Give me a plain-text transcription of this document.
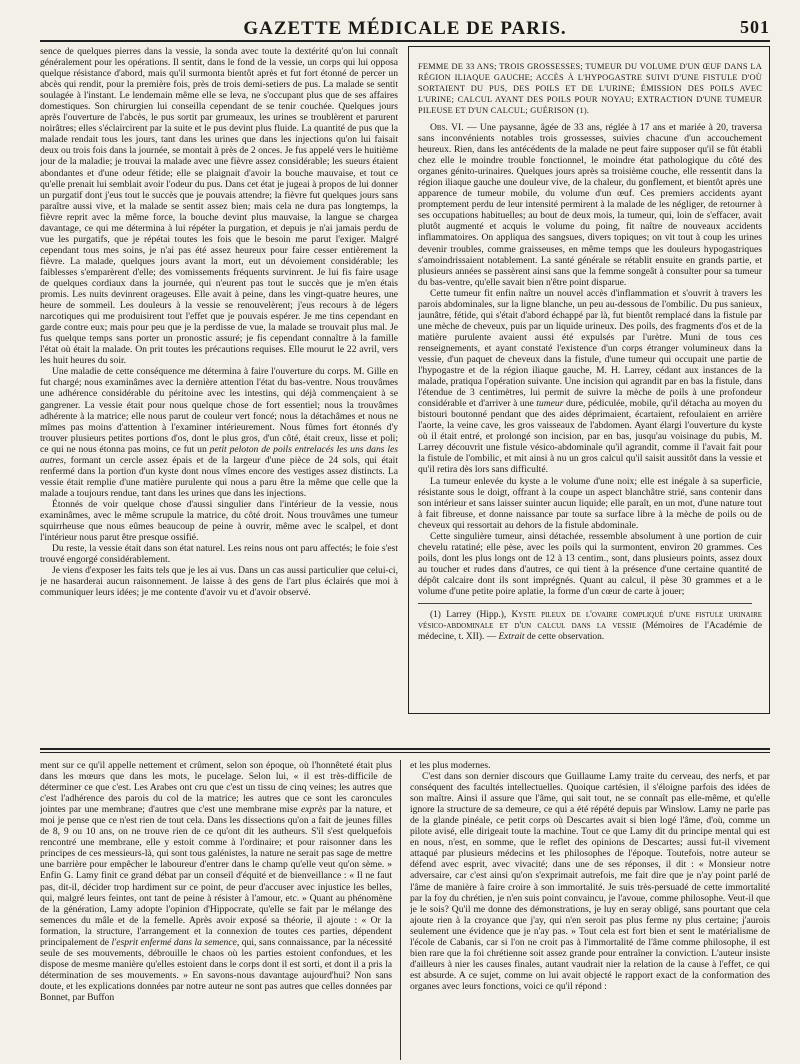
GAZETTE MÉDICALE DE PARIS.	501

sence de quelques pierres dans la vessie, la sonda avec toute la dextérité qu'on lui connaît généralement pour les opérations. Il sentit, dans le fond de la vessie, un corps qui lui opposa quelque résistance d'abord, mais qu'il surmonta bientôt après et fut fort étonné de percer un abcès qui rendit, pour la première fois, près de trois demi-setiers de pus. La malade se sentit soulagée à l'instant. Le lendemain même elle se leva, ne s'occupant plus que de ses affaires domestiques. Son chirurgien lui conseilla cependant de se tenir couchée. Quelques jours après l'ouverture de l'abcès, le pus sortit par grumeaux, les urines se troublèrent et parurent noirâtres; elles s'éclaircirent par la suite et le pus devint plus fluide. La quantité de pus que la malade rendait tous les jours, tant dans les urines que dans les injections qu'on lui faisait deux ou trois fois dans la journée, se montait à près de 2 onces. Je fus appelé vers le huitième jour de la maladie; je trouvai la malade avec une fièvre assez considérable; les sueurs étaient abondantes et d'une odeur fétide; elle se plaignait d'avoir la bouche mauvaise, et tout ce qu'elle prenait lui semblait avoir l'odeur du pus. Dans cet état je jugeai à propos de lui donner un purgatif dont j'eus tout le succès que je pouvais attendre; la fièvre fut quelques jours sans paraître aussi vive, et la malade se sentit assez bien; mais cela ne dura pas longtemps, la fièvre reprit avec la même force, la bouche devint plus mauvaise, la langue se chargea davantage, ce qui me détermina à lui répéter la purgation, et depuis je n'ai jamais perdu de vue les purgatifs, que je répétai toutes les fois que le besoin me parut l'exiger. Malgré cependant tous mes soins, je n'ai pas été assez heureux pour faire cesser entièrement la fièvre. La malade, quelques jours avant la mort, eut un dévoiement considérable; les faiblesses s'emparèrent d'elle; des vomissements fréquents survinrent. Je lui fis faire usage de quelques cordiaux dans la journée, qui n'eurent pas tout le succès que je m'en étais promis. Les nuits devinrent orageuses. Elle avait à peine, dans les vingt-quatre heures, une heure de sommeil. Les douleurs à la vessie se renouvelèrent; j'eus recours à de légers narcotiques qui me produisirent tout l'effet que je pouvais espérer. Je me tins cependant en garde contre eux; mais pour peu que je la perdisse de vue, la malade se trouvait plus mal. Je fus quelque temps sans porter un pronostic assuré; je fis cependant connaître à la famille l'état où était la malade. On prit toutes les précautions requises. Elle mourut le 22 avril, vers les huit heures du soir.

Une maladie de cette conséquence me détermina à faire l'ouverture du corps. M. Gille en fut chargé; nous examinâmes avec la dernière attention l'état du bas-ventre. Nous trouvâmes une adhérence considérable du péritoine avec les intestins, qui déjà commençaient à se gangrener. La vessie était pour nous quelque chose de fort essentiel; nous la trouvâmes adhérente à la matrice; elle nous parut de couleur vert foncé; nous la détachâmes et nous ne mîmes pas moins d'attention à l'examiner intérieurement. Nous fûmes fort étonnés d'y trouver plusieurs petites portions d'os, dont le plus gros, d'un côté, était creux, lisse et poli; ce qui ne nous étonna pas moins, ce fut un petit peloton de poils entrelacés les uns dans les autres, formant un cercle assez épais et de la largeur d'une pièce de 24 sols, qui était renfermé dans la portion d'un kyste dont nous vîmes encore des vestiges assez distincts. La vessie était remplie d'une matière purulente qui nous a paru être la même que celle que la malade a toujours rendue, tant dans les urines que dans les injections.

Étonnés de voir quelque chose d'aussi singulier dans l'intérieur de la vessie, nous examinâmes, avec le même scrupule la matrice, du côté droit. Nous trouvâmes une tumeur squirrheuse que nous eûmes beaucoup de peine à ouvrir, même avec le scalpel, et dont l'intérieur nous parut être presque ossifié.

Du reste, la vessie était dans son état naturel. Les reins nous ont paru affectés; le foie s'est trouvé engorgé considérablement.

Je viens d'exposer les faits tels que je les ai vus. Dans un cas aussi particulier que celui-ci, je ne hasarderai aucun raisonnement. Je laisse à des gens de l'art plus éclairés que moi à communiquer leurs idées; je me contente d'avoir vu et d'avoir observé.

FEMME DE 33 ANS; TROIS GROSSESSES; TUMEUR DU VOLUME D'UN ŒUF DANS LA RÉGION ILIAQUE GAUCHE; ACCÈS À L'HYPOGASTRE SUIVI D'UNE FISTULE D'OÙ SORTAIENT DU PUS, DES POILS ET DE L'URINE; ÉMISSION DES POILS AVEC L'URINE; CALCUL AYANT DES POILS POUR NOYAU; EXTRACTION D'UNE TUMEUR PILEUSE ET D'UN CALCUL; GUÉRISON (1).

Obs. VI. — Une paysanne, âgée de 33 ans, réglée à 17 ans et mariée à 20, traversa sans inconvénients notables trois grossesses, suivies chacune d'un accouchement heureux. Rien, dans les antécédents de la malade ne peut faire supposer qu'il se fût établi chez elle le moindre trouble fonctionnel, le moindre état pathologique du côté des organes génito-urinaires. Quelques jours après sa troisième couche, elle ressentit dans la région iliaque gauche une douleur vive, de la chaleur, du gonflement, et bientôt après une apparence de tumeur mobile, du volume d'un œuf. Ces premiers accidents ayant promptement perdu de leur intensité permirent à la malade de les négliger, de retourner à ses occupations habituelles; au bout de deux mois, la tumeur, qui, loin de s'effacer, avait plutôt augmenté et acquis le volume du poing, fit naître de nouveaux accidents inflammatoires. On appliqua des sangsues, divers topiques; on vit tout à coup les urines devenir troubles, comme graisseuses, en même temps que les douleurs hypogastriques s'amoindrissaient notablement. La santé générale se rétablit ensuite en grands partie, et plusieurs années se passèrent ainsi sans que la femme songeât à consulter pour sa tumeur du bas-ventre, qu'elle savait bien n'être point disparue.

Cette tumeur fit enfin naître un nouvel accès d'inflammation et s'ouvrit à travers les parois abdominales, sur la ligne blanche, un peu au-dessous de l'ombilic. Du pus sanieux, jaunâtre, fétide, qui s'était d'abord échappé par là, fut bientôt remplacé dans la fistule par une mèche de cheveux, puis par un liquide urineux. Des poils, des fragments d'os et de la matière purulente avaient aussi été expulsés par l'urètre. Muni de tous ces renseignements, et ayant constaté l'existence d'un corps étranger volumineux dans la vessie, d'un paquet de cheveux dans la fistule, d'une tumeur qui occupait une partie de l'hypogastre et de la région iliaque gauche, M. H. Larrey, cédant aux instances de la malade, pratiqua l'opération suivante. Une incision qui agrandit par en bas la fistule, dans l'étendue de 3 centimètres, lui permit de suivre la mèche de poils à une profondeur considérable et d'arriver à une tumeur dure, pédiculée, mobile, qu'il détacha au moyen du bistouri boutonné pendant que des aides déprimaient, écartaient, refoulaient en arrière l'aorte, la veine cave, les gros vaisseaux de l'abdomen. Ayant élargi l'ouverture du kyste où il était entré, et prolongé son incision, par en bas, jusqu'au voisinage du pubis, M. Larrey découvrit une fistule vésico-abdominale qu'il agrandit, comme il l'avait fait pour la fistule de l'ombilic, et mit ainsi à nu un gros calcul qu'il saisit aussitôt dans la vessie et qu'il retira dès lors sans difficulté.

La tumeur enlevée du kyste a le volume d'une noix; elle est inégale à sa superficie, résistante sous le doigt, offrant à la coupe un aspect blanchâtre strié, sans contenir dans son intérieur et sans laisser suinter aucun liquide; elle paraît, en un mot, d'une nature tout à fait fibreuse, et donne naissance par toute sa surface libre à la mèche de poils ou de cheveux qui ressortait au dehors de la fistule abdominale.

Cette singulière tumeur, ainsi détachée, ressemble absolument à une portion de cuir chevelu ratatiné; elle pèse, avec les poils qui la surmontent, environ 20 grammes. Ces poils, dont les plus longs ont de 12 à 13 centim., sont, dans plusieurs points, assez doux au toucher et rudes dans d'autres, ce qui tient à la présence d'une certaine quantité de dépôt calcaire dont ils sont imprégnés. Quant au calcul, il pèse 30 grammes et a le volume d'une petite poire aplatie, la forme d'un cœur de carte à jouer;

(1) Larrey (Hipp.), Kyste pileux de l'ovaire compliqué d'une fistule urinaire vésico-abdominale et d'un calcul dans la vessie (Mémoires de l'Académie de médecine, t. XII). — Extrait de cette observation.

ment sur ce qu'il appelle nettement et crûment, selon son époque, où l'honnêteté était plus dans les mœurs que dans les mots, le pucelage. Selon lui, « il est très-difficile de déterminer ce que c'est. Les Arabes ont cru que c'est un tissu de cinq veines; les autres que c'est l'adhérence des parois du col de la matrice; les autres que ce sont les caroncules jointes par une membrane; d'autres que c'est une membrane mise exprès par la nature, et moi je pense que ce n'est rien de tout cela. Dans les dissections qu'on a fait de jeunes filles de 8, 9 ou 10 ans, on ne trouve rien de ce qu'ont dit les autheurs. S'il s'est quelquefois rencontré une membrane, elle y estoit comme à l'ordinaire; et pour raisonner dans les principes de ces messieurs-là, qui sont tous galénistes, la nature ne serait pas sage de mettre une barrière pour empêcher le laboureur d'entrer dans le champ qu'elle veut qu'on sème. » Enfin G. Lamy finit ce grand débat par un conseil d'équité et de bienveillance : « Il ne faut pas, dit-il, décider trop hardiment sur ce point, de peur d'accuser avec injustice les belles, qui, malgré leurs feintes, ont tant de peine à résister à l'amour, etc. » Quant au phénomène de la génération, Lamy adopte l'opinion d'Hippocrate, qu'elle se fait par le mélange des semences du mâle et de la femelle. Après avoir exposé sa théorie, il ajoute : « Or la formation, la structure, l'arrangement et la connexion de toutes ces parties, dépendent principalement de l'esprit enfermé dans la semence, qui, sans connaissance, par la nécessité seule de ses mouvements, débrouille le chaos où les parties estoient confondues, et les dispose de mesme manière qu'elles estoient dans le corps dont il est sorti, et dont il a pris la détermination de ses mouvements. » En savons-nous davantage aujourd'hui? Non sans doute, et les explications données par notre auteur ne sont pas autres que celles données par Bonnet, par Buffon

et les plus modernes.

C'est dans son dernier discours que Guillaume Lamy traite du cerveau, des nerfs, et par conséquent des facultés intellectuelles. Quoique cartésien, il s'éloigne parfois des idées de son maître. Ainsi il assure que l'âme, qui sait tout, ne se connaît pas elle-même, et qu'elle ignore la structure de sa demeure, ce qui a été répété depuis par Winslow. Lamy ne parle pas de la glande pinéale, ce petit corps où Descartes avait si bien logé l'âme, d'où, comme un pilote avisé, elle dirigeait toute la machine. Tout ce que Lamy dit du principe mental qui est en nous, n'est, en somme, que le reflet des opinions de Descartes; aussi fut-il vivement attaqué par plusieurs médecins et les philosophes de l'époque. Toutefois, notre auteur se défend avec esprit, avec vivacité; dans une de ses réponses, il dit : « Monsieur notre adversaire, car c'est ainsi qu'on s'exprimait autrefois, me fait dire que je n'ay point parlé de l'âme de manière à faire croire à son immortalité. Je suis très-persuadé de cette immortalité par la foy du chrétien, je n'en suis point convaincu, je l'avoue, comme philosophe. Veut-il que je le sois? Qu'il me donne des démonstrations, je luy en seray obligé, sans pourtant que cela ajoute rien à la croyance que j'ay, qui n'en seroit pas plus ferme ny plus certaine; j'aurois seulement une évidence que je n'ay pas. » Tout cela est fort bien et sent le matérialisme de l'école de Cabanis, car si l'on ne croit pas à l'immortalité de l'âme comme philosophe, il est bien rare que la foi chrétienne soit assez grande pour entraîner la conviction. L'auteur insiste d'ailleurs à nier les causes finales, autant vaudrait nier la relation de la cause à l'effet, ce qui est absurde. A ce sujet, comme on lui avait objecté le rapport exact de la conformation des organes avec leurs fonctions, voici ce qu'il répond :
